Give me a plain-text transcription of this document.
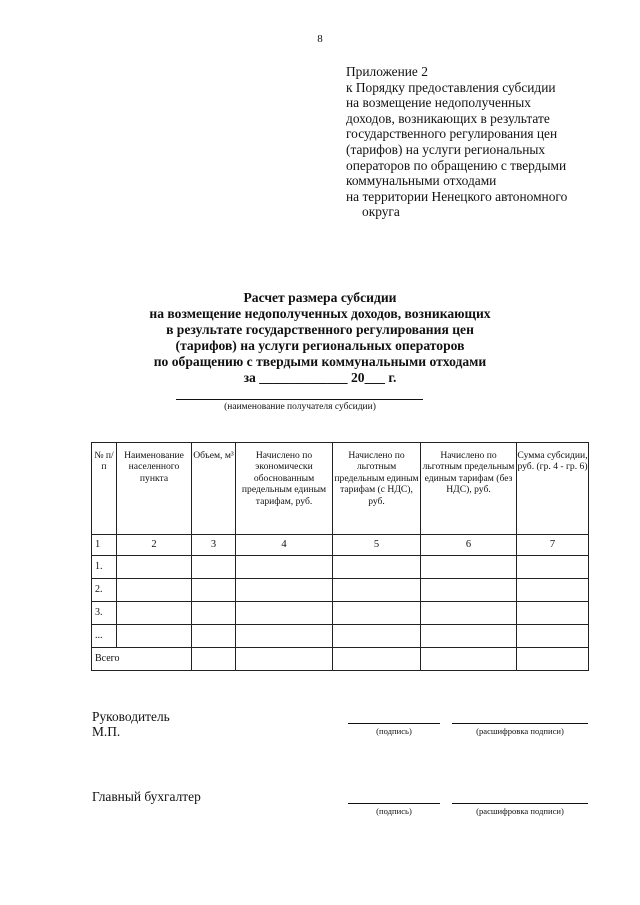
8
Приложение 2
к Порядку предоставления субсидии
на возмещение недополученных
доходов, возникающих в результате
государственного регулирования цен
(тарифов) на услуги региональных
операторов по обращению с твердыми
коммунальными отходами
на территории Ненецкого автономного
округа
Расчет размера субсидии
на возмещение недополученных доходов, возникающих
в результате государственного регулирования цен
(тарифов) на услуги региональных операторов
по обращению с твердыми коммунальными отходами
за _____________ 20___ г.
(наименование получателя субсидии)
№ п/п	Наименование населенного пункта	Объем, м³	Начислено по экономически обоснованным предельным единым тарифам, руб.	Начислено по льготным предельным единым тарифам (с НДС), руб.	Начислено по льготным предельным единым тарифам (без НДС), руб.	Сумма субсидии, руб. (гр. 4 - гр. 6)
1	2	3	4	5	6	7
1.						
2.						
3.						
...						
Всего						
Руководитель
М.П.	(подпись)	(расшифровка подписи)
Главный бухгалтер
(подпись)	(расшифровка подписи)
